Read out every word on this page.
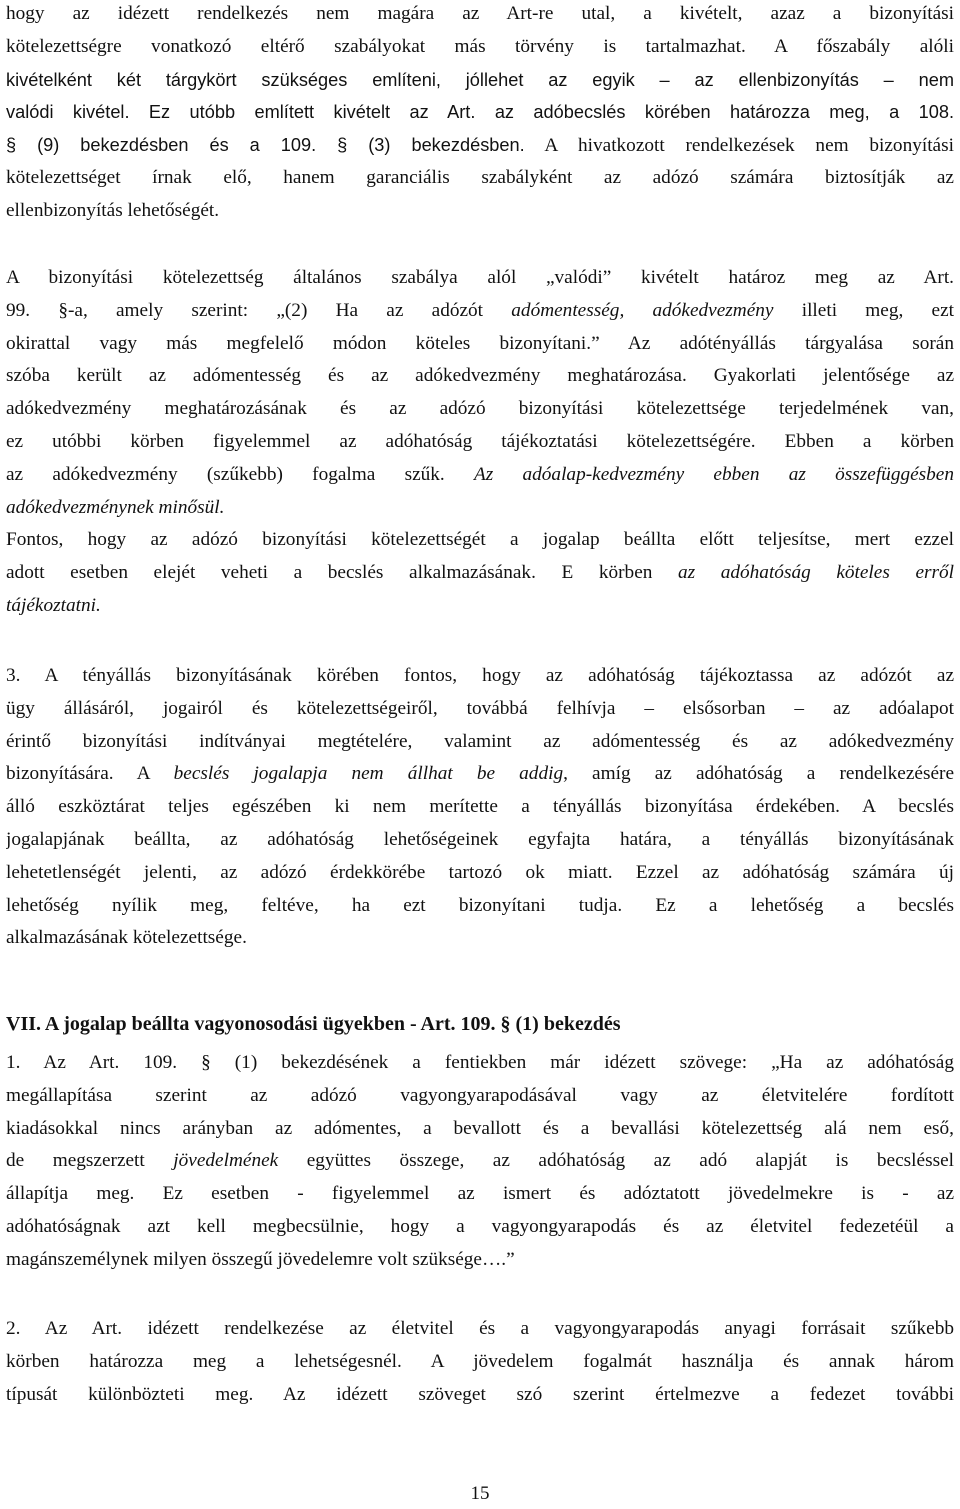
hogy az idézett rendelkezés nem magára az Art-re utal, a kivételt, azaz a bizonyítási
kötelezettségre vonatkozó eltérő szabályokat más törvény is tartalmazhat. A főszabály alóli
kivételként két tárgykört szükséges említeni, jóllehet az egyik – az ellenbizonyítás – nem
valódi kivétel. Ez utóbb említett kivételt az Art. az adóbecslés körében határozza meg, a 108.
§ (9) bekezdésben és a 109. § (3) bekezdésben. A hivatkozott rendelkezések nem bizonyítási
kötelezettséget írnak elő, hanem garanciális szabályként az adózó számára biztosítják az
ellenbizonyítás lehetőségét.
A bizonyítási kötelezettség általános szabálya alól „valódi” kivételt határoz meg az Art.
99. §-a, amely szerint: „(2) Ha az adózót adómentesség, adókedvezmény illeti meg, ezt
okirattal vagy más megfelelő módon köteles bizonyítani.” Az adótényállás tárgyalása során
szóba került az adómentesség és az adókedvezmény meghatározása. Gyakorlati jelentősége az
adókedvezmény meghatározásának és az adózó bizonyítási kötelezettsége terjedelmének van,
ez utóbbi körben figyelemmel az adóhatóság tájékoztatási kötelezettségére. Ebben a körben
az adókedvezmény (szűkebb) fogalma szűk. Az adóalap-kedvezmény ebben az összefüggésben
adókedvezménynek minősül.
Fontos, hogy az adózó bizonyítási kötelezettségét a jogalap beállta előtt teljesítse, mert ezzel
adott esetben elejét veheti a becslés alkalmazásának. E körben az adóhatóság köteles erről
tájékoztatni.
3. A tényállás bizonyításának körében fontos, hogy az adóhatóság tájékoztassa az adózót az
ügy állásáról, jogairól és kötelezettségeiről, továbbá felhívja – elsősorban – az adóalapot
érintő bizonyítási indítványai megtételére, valamint az adómentesség és az adókedvezmény
bizonyítására. A becslés jogalapja nem állhat be addig, amíg az adóhatóság a rendelkezésére
álló eszköztárat teljes egészében ki nem merítette a tényállás bizonyítása érdekében. A becslés
jogalapjának beállta, az adóhatóság lehetőségeinek egyfajta határa, a tényállás bizonyításának
lehetetlenségét jelenti, az adózó érdekkörébe tartozó ok miatt. Ezzel az adóhatóság számára új
lehetőség nyílik meg, feltéve, ha ezt bizonyítani tudja. Ez a lehetőség a becslés
alkalmazásának kötelezettsége.
VII. A jogalap beállta vagyonosodási ügyekben - Art. 109. § (1) bekezdés
1. Az Art. 109. § (1) bekezdésének a fentiekben már idézett szövege: „Ha az adóhatóság
megállapítása szerint az adózó vagyongyarapodásával vagy az életvitelére fordított
kiadásokkal nincs arányban az adómentes, a bevallott és a bevallási kötelezettség alá nem eső,
de megszerzett jövedelmének együttes összege, az adóhatóság az adó alapját is becsléssel
állapítja meg. Ez esetben - figyelemmel az ismert és adóztatott jövedelmekre is - az
adóhatóságnak azt kell megbecsülnie, hogy a vagyongyarapodás és az életvitel fedezetéül a
magánszemélynek milyen összegű jövedelemre volt szüksége….”
2. Az Art. idézett rendelkezése az életvitel és a vagyongyarapodás anyagi forrásait szűkebb
körben határozza meg a lehetségesnél. A jövedelem fogalmát használja és annak három
típusát különbözteti meg. Az idézett szöveget szó szerint értelmezve a fedezet további
15
